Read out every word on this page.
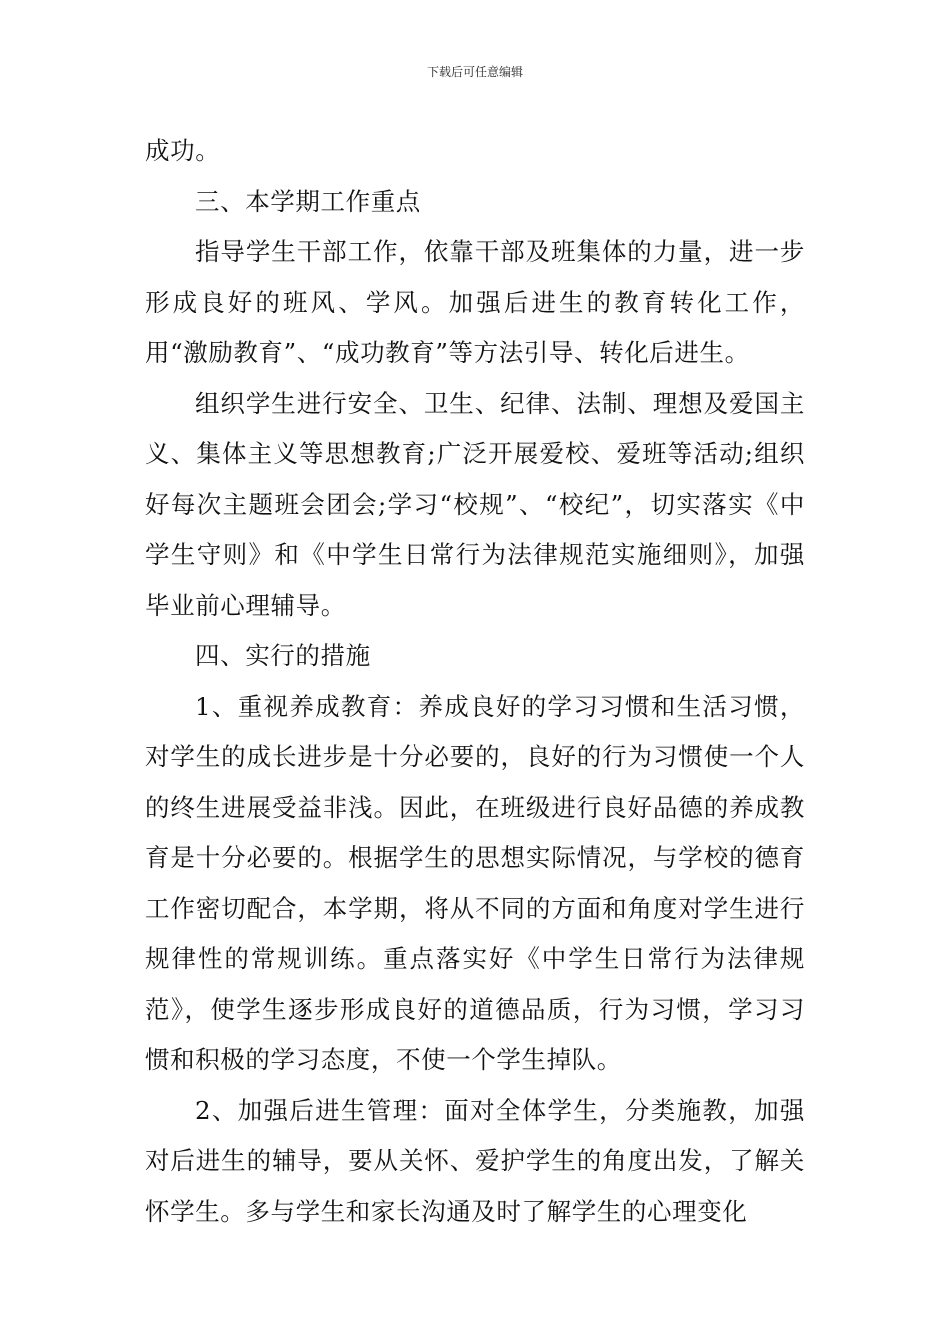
下载后可任意编辑

成功。

三、本学期工作重点

指导学生干部工作，依靠干部及班集体的力量，进一步形成良好的班风、学风。加强后进生的教育转化工作，用“激励教育”、“成功教育”等方法引导、转化后进生。

组织学生进行安全、卫生、纪律、法制、理想及爱国主义、集体主义等思想教育;广泛开展爱校、爱班等活动;组织好每次主题班会团会;学习“校规”、“校纪”，切实落实《中学生守则》和《中学生日常行为法律规范实施细则》，加强毕业前心理辅导。

四、实行的措施

1、重视养成教育：养成良好的学习习惯和生活习惯，对学生的成长进步是十分必要的，良好的行为习惯使一个人的终生进展受益非浅。因此，在班级进行良好品德的养成教育是十分必要的。根据学生的思想实际情况，与学校的德育工作密切配合，本学期，将从不同的方面和角度对学生进行规律性的常规训练。重点落实好《中学生日常行为法律规范》，使学生逐步形成良好的道德品质，行为习惯，学习习惯和积极的学习态度，不使一个学生掉队。

2、加强后进生管理：面对全体学生，分类施教，加强对后进生的辅导，要从关怀、爱护学生的角度出发，了解关怀学生。多与学生和家长沟通及时了解学生的心理变化
